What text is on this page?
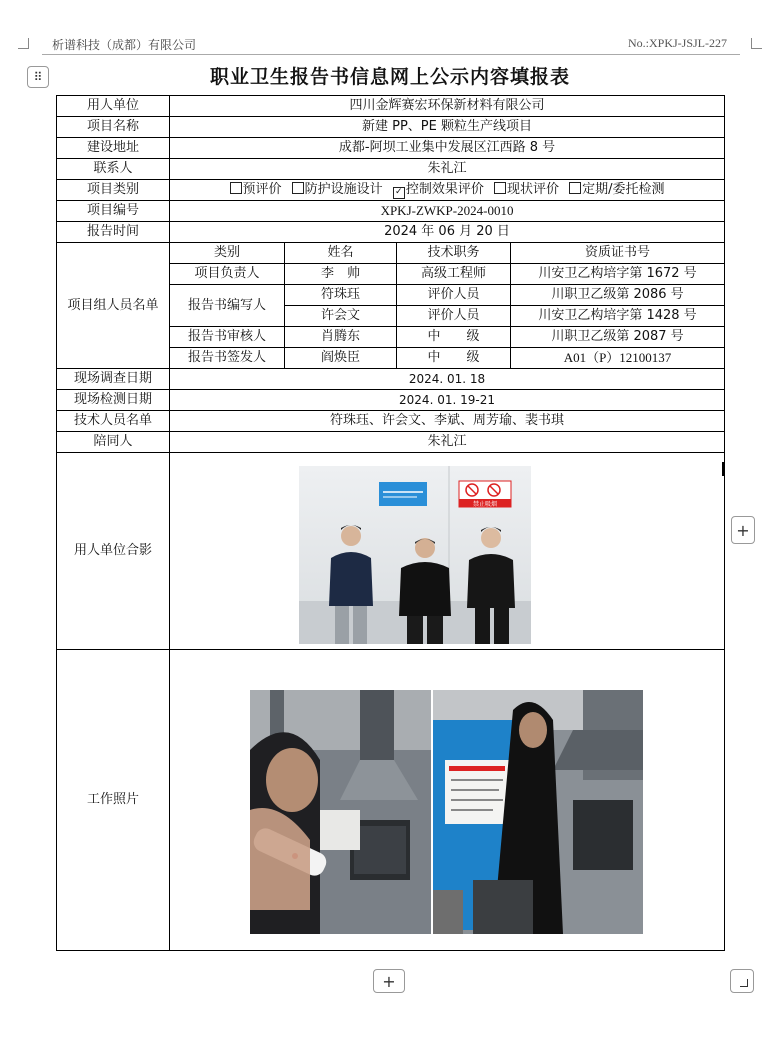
析谱科技（成都）有限公司	No.:XPKJ-JSJL-227
⠿	职业卫生报告书信息网上公示内容填报表
用人单位	四川金辉赛宏环保新材料有限公司			
项目名称	新建 PP、PE 颗粒生产线项目			
建设地址	成都-阿坝工业集中发展区江西路 8 号			
联系人	朱礼江			
项目类别	预评价 防护设施设计 ✓ 控制效果评价 现状评价 定期/委托检测			
项目编号	XPKJ-ZWKP-2024-0010			
报告时间	2024 年 06 月 20 日			
项目组人员名单	类别	姓名	技术职务	资质证书号
	项目负责人	李　帅	高级工程师	川安卫乙构培字第 1672 号
	报告书编写人	符珠珏	评价人员	川职卫乙级第 2086 号
		许会文	评价人员	川安卫乙构培字第 1428 号
	报告书审核人	肖腾东	中　　级	川职卫乙级第 2087 号
	报告书签发人	阎焕臣	中　　级	A01（P）12100137
现场调查日期	2024. 01. 18			
现场检测日期	2024. 01. 19-21			
技术人员名单	符珠珏、许会文、李斌、周芳瑜、裴书琪			
陪同人	朱礼江			
用人单位合影	禁止吸烟			

工作照片	
+
+
